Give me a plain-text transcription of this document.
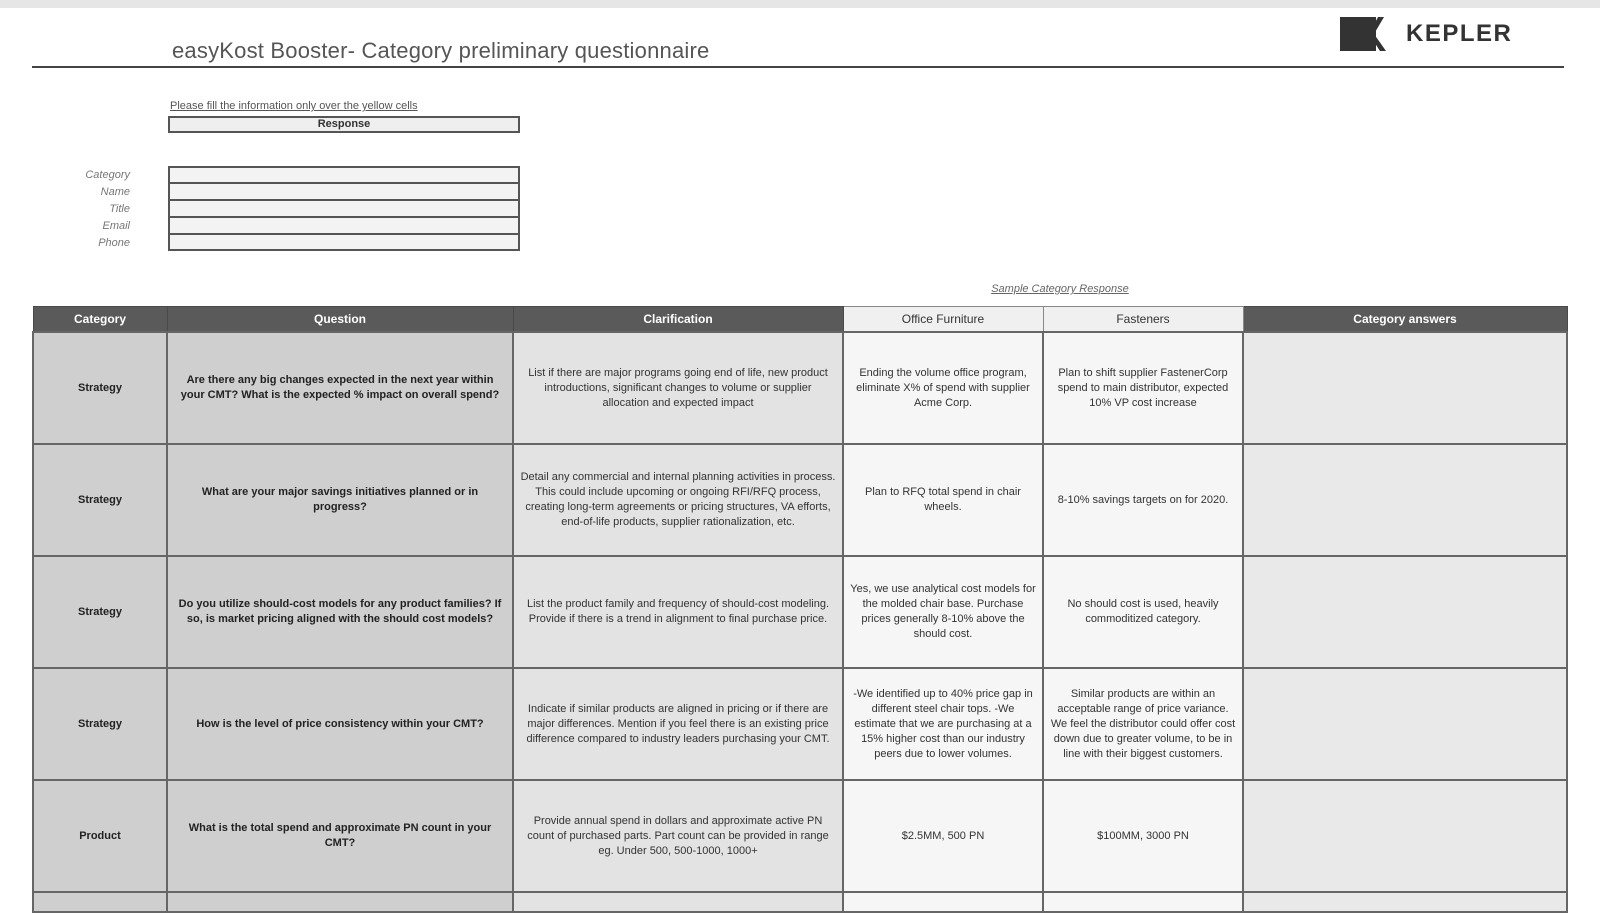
easyKost Booster- Category preliminary questionnaire
KEPLER
Please fill the information only over the yellow cells
Response
Category
Name
Title
Email
Phone
Sample Category Response
Category	Question	Clarification	Office Furniture	Fasteners	Category answers
Strategy	Are there any big changes expected in the next year within your CMT? What is the expected % impact on overall spend?	List if there are major programs going end of life, new product introductions, significant changes to volume or supplier allocation and expected impact	Ending the volume office program, eliminate X% of spend with supplier Acme Corp.	Plan to shift supplier FastenerCorp spend to main distributor, expected 10% VP cost increase	
Strategy	What are your major savings initiatives planned or in progress?	Detail any commercial and internal planning activities in process. This could include upcoming or ongoing RFI/RFQ process, creating long-term agreements or pricing structures, VA efforts, end-of-life products, supplier rationalization, etc.	Plan to RFQ total spend in chair wheels.	8-10% savings targets on for 2020.	
Strategy	Do you utilize should-cost models for any product families? If so, is market pricing aligned with the should cost models?	List the product family and frequency of should-cost modeling. Provide if there is a trend in alignment to final purchase price.	Yes, we use analytical cost models for the molded chair base. Purchase prices generally 8-10% above the should cost.	No should cost is used, heavily commoditized category.	
Strategy	How is the level of price consistency within your CMT?	Indicate if similar products are aligned in pricing or if there are major differences. Mention if you feel there is an existing price difference compared to industry leaders purchasing your CMT.	-We identified up to 40% price gap in different steel chair tops. -We estimate that we are purchasing at a 15% higher cost than our industry peers due to lower volumes.	Similar products are within an acceptable range of price variance. We feel the distributor could offer cost down due to greater volume, to be in line with their biggest customers.	
Product	What is the total spend and approximate PN count in your CMT?	Provide annual spend in dollars and approximate active PN count of purchased parts. Part count can be provided in range eg. Under 500, 500-1000, 1000+	$2.5MM, 500 PN	$100MM, 3000 PN	
